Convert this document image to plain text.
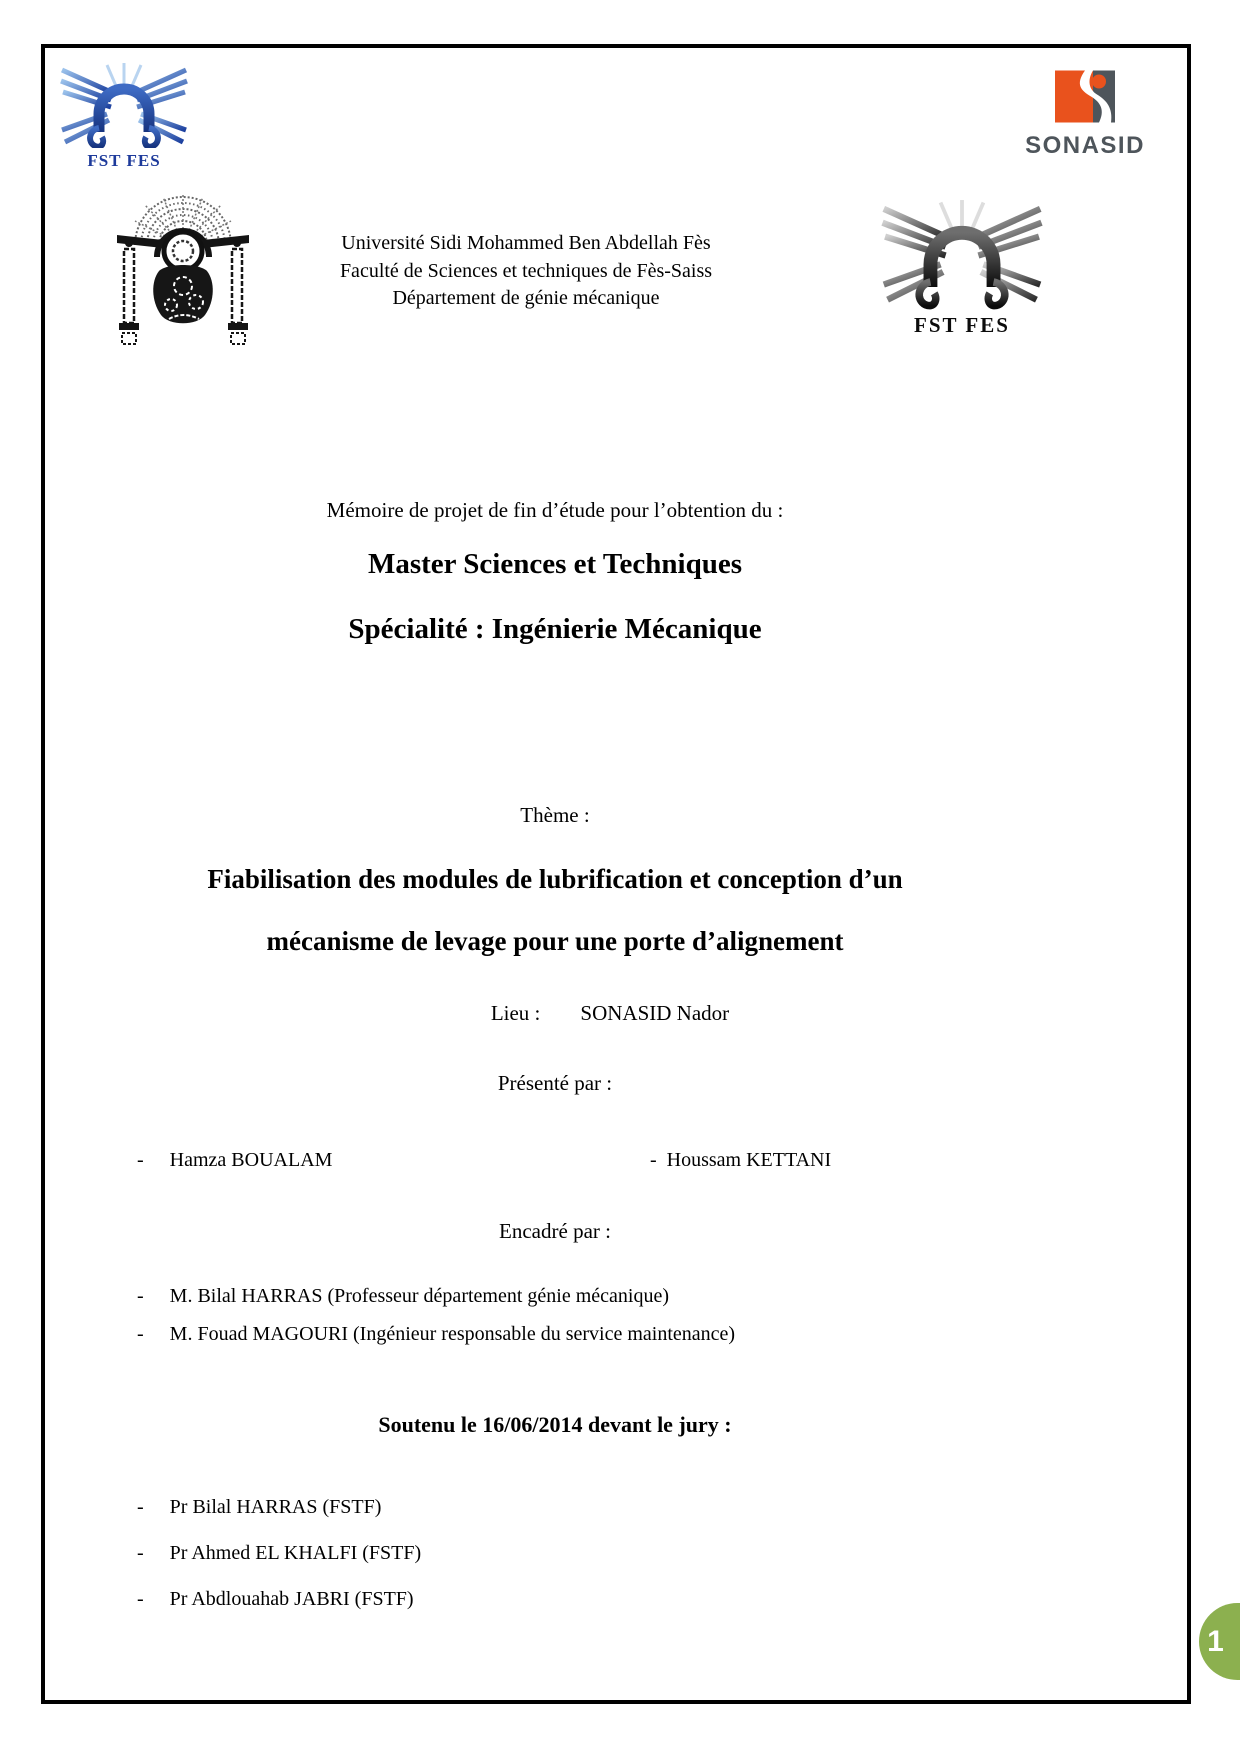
FST FES
SONASID
Université Sidi Mohammed Ben Abdellah Fès
Faculté de Sciences et techniques de Fès-Saiss
Département de génie mécanique
FST FES
Mémoire de projet de fin d’étude pour l’obtention du :
Master Sciences et Techniques
Spécialité : Ingénierie Mécanique
Thème :
Fiabilisation des modules de lubrification et conception d’un
mécanisme de levage pour une porte d’alignement
Lieu : SONASID Nador
Présenté par :
- Hamza BOUALAM	- Houssam KETTANI
Encadré par :
- M. Bilal HARRAS (Professeur département génie mécanique)
- M. Fouad MAGOURI (Ingénieur responsable du service maintenance)
Soutenu le 16/06/2014 devant le jury :
- Pr Bilal HARRAS (FSTF)
- Pr Ahmed EL KHALFI (FSTF)
- Pr Abdlouahab JABRI (FSTF)
1
